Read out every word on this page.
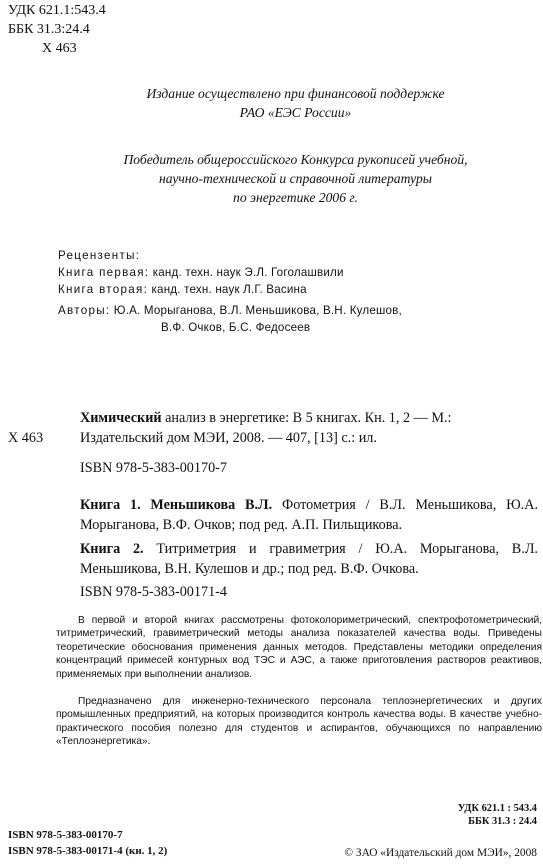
УДК 621.1:543.4
ББК 31.3:24.4
Х 463
Издание осуществлено при финансовой поддержке
РАО «ЕЭС России»
Победитель общероссийского Конкурса рукописей учебной,
научно-технической и справочной литературы
по энергетике 2006 г.
Рецензенты:
Книга первая: канд. техн. наук Э.Л. Гоголашвили
Книга вторая: канд. техн. наук Л.Г. Васина
Авторы: Ю.А. Морыганова, В.Л. Меньшикова, В.Н. Кулешов,
В.Ф. Очков, Б.С. Федосеев
Химический анализ в энергетике: В 5 книгах. Кн. 1, 2 — М.:
Издательский дом МЭИ, 2008. — 407, [13] с.: ил.
Х 463
ISBN 978-5-383-00170-7
Книга 1. Меньшикова В.Л. Фотометрия / В.Л. Меньшикова, Ю.А. Морыганова, В.Ф. Очков; под ред. А.П. Пильщикова.
Книга 2. Титриметрия и гравиметрия / Ю.А. Морыганова, В.Л. Меньшикова, В.Н. Кулешов и др.; под ред. В.Ф. Очкова.
ISBN 978-5-383-00171-4

В первой и второй книгах рассмотрены фотоколориметрический, спектрофотометрический, титриметрический, гравиметрический методы анализа показателей качества воды. Приведены теоретические обоснования применения данных методов. Представлены методики определения концентраций примесей контурных вод ТЭС и АЭС, а также приготовления растворов реактивов, применяемых при выполнении анализов.

Предназначено для инженерно-технического персонала теплоэнергетических и других промышленных предприятий, на которых производится контроль качества воды. В качестве учебно-практического пособия полезно для студентов и аспирантов, обучающихся по направлению «Теплоэнергетика».

УДК 621.1 : 543.4
ББК 31.3 : 24.4
ISBN 978-5-383-00170-7
ISBN 978-5-383-00171-4 (кн. 1, 2)	© ЗАО «Издательский дом МЭИ», 2008
